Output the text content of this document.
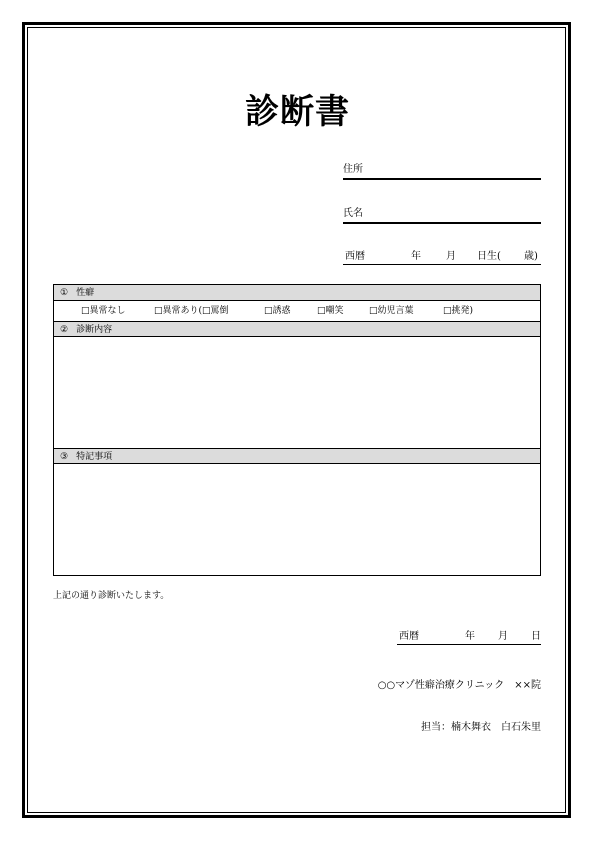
診断書
住所
氏名
西暦	年	月 日生( 歳)
① 性癖
□異常なし	□異常あり(□罵倒	□誘惑	□嘲笑	□幼児言葉	□挑発)
② 診断内容
③ 特記事項
上記の通り診断いたします。
西暦	年 月 日
○○マゾ性癖治療クリニック　××院
担当：楠木舞衣　白石朱里
